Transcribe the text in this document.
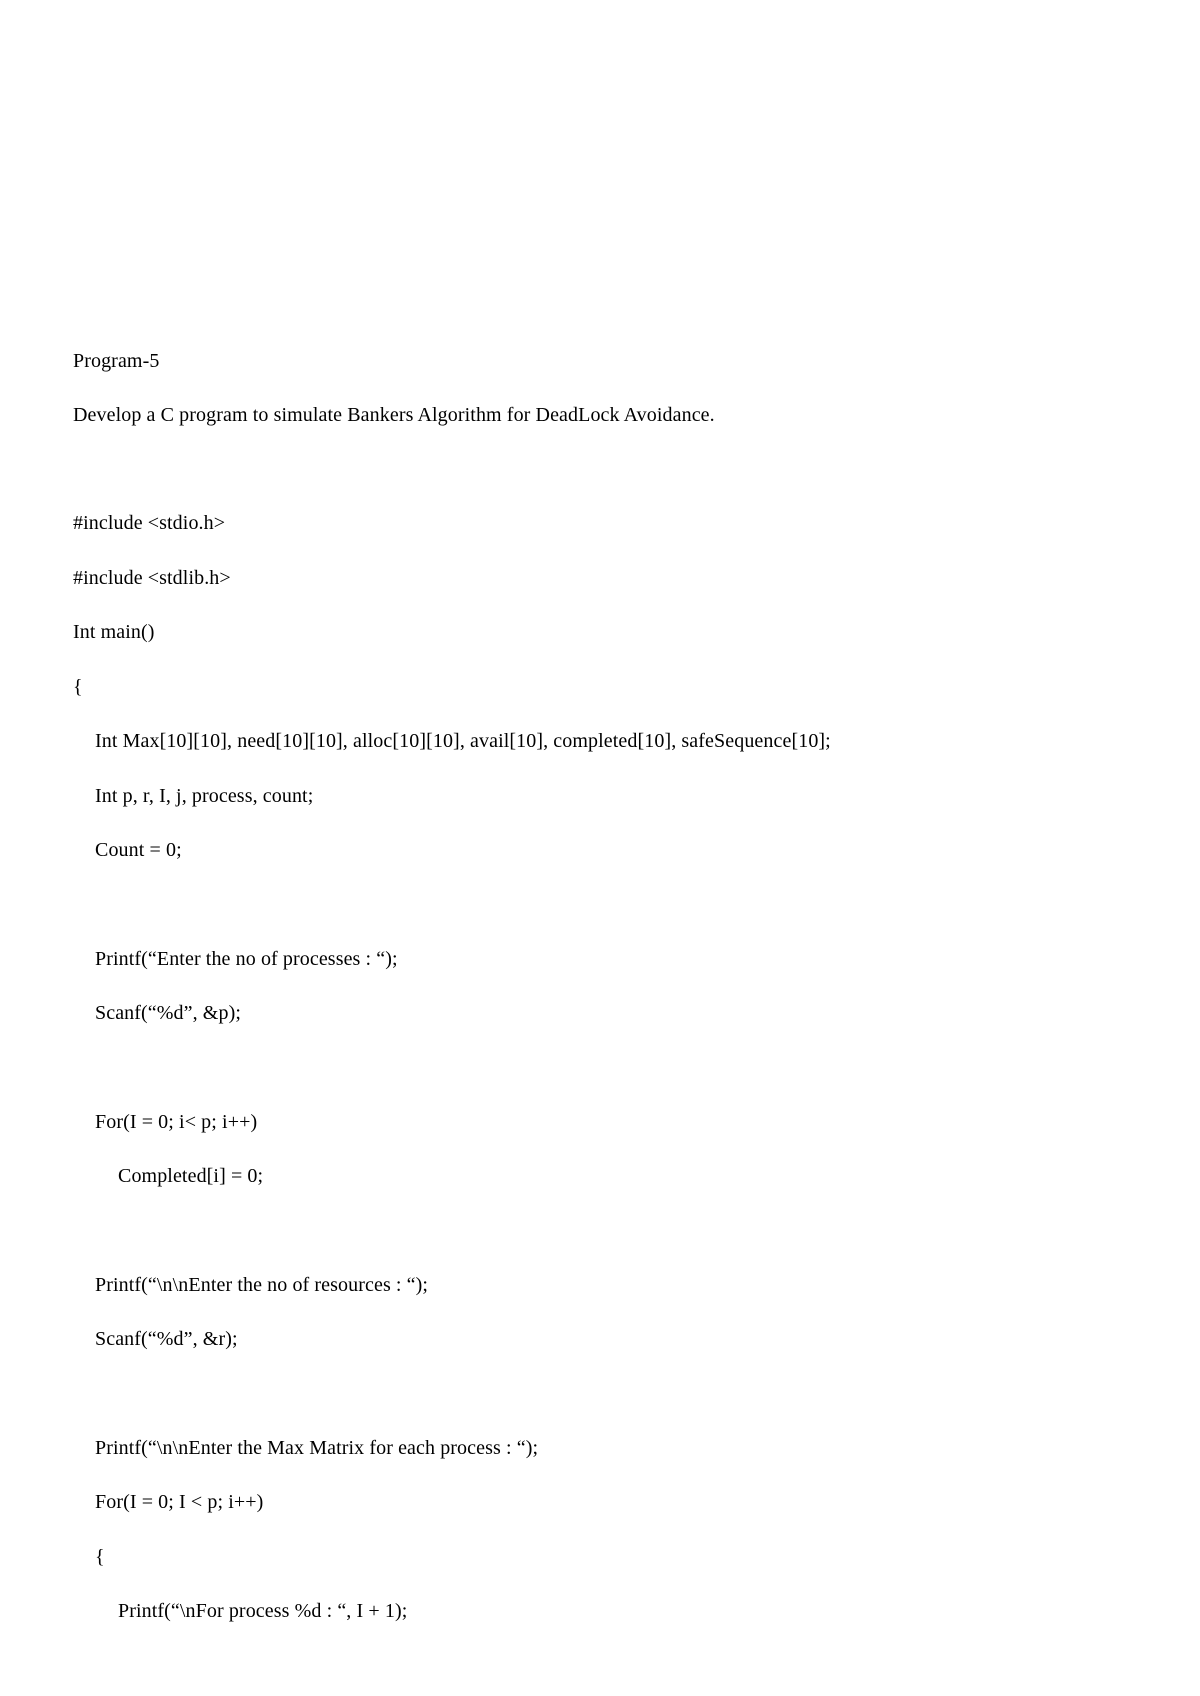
Program-5
Develop a C program to simulate Bankers Algorithm for DeadLock Avoidance.
#include <stdio.h>
#include <stdlib.h>
Int main()
{
Int Max[10][10], need[10][10], alloc[10][10], avail[10], completed[10], safeSequence[10];
Int p, r, I, j, process, count;
Count = 0;
Printf(“Enter the no of processes : “);
Scanf(“%d”, &p);
For(I = 0; i< p; i++)
Completed[i] = 0;
Printf(“\n\nEnter the no of resources : “);
Scanf(“%d”, &r);
Printf(“\n\nEnter the Max Matrix for each process : “);
For(I = 0; I < p; i++)
{
Printf(“\nFor process %d : “, I + 1);
